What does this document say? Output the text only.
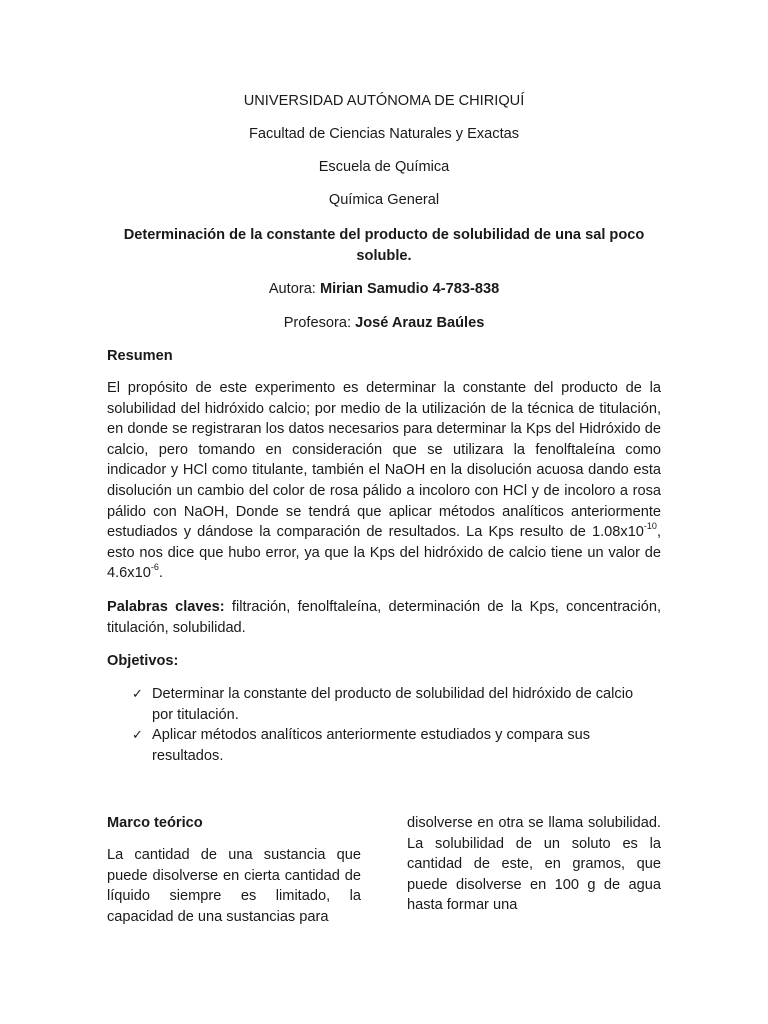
UNIVERSIDAD AUTÓNOMA DE CHIRIQUÍ
Facultad de Ciencias Naturales y Exactas
Escuela de Química
Química General
Determinación de la constante del producto de solubilidad de una sal poco soluble.
Autora: Mirian Samudio 4-783-838
Profesora: José Arauz Baúles
Resumen
El propósito de este experimento es determinar la constante del producto de la solubilidad del hidróxido calcio; por medio de la utilización de la técnica de titulación, en donde se registraran los datos necesarios para determinar la Kps del Hidróxido de calcio, pero tomando en consideración que se utilizara la fenolftaleína como indicador y HCl como titulante, también el NaOH en la disolución acuosa dando esta disolución un cambio del color de rosa pálido a incoloro con HCl y de incoloro a rosa pálido con NaOH, Donde se tendrá que aplicar métodos analíticos anteriormente estudiados y dándose la comparación de resultados. La Kps resulto de $1.08x10^{-10}$, esto nos dice que hubo error, ya que la Kps del hidróxido de calcio tiene un valor de $4.6x10^{-6}$.
Palabras claves: filtración, fenolftaleína, determinación de la Kps, concentración, titulación, solubilidad.
Objetivos:
✓ Determinar la constante del producto de solubilidad del hidróxido de calcio por titulación.
✓ Aplicar métodos analíticos anteriormente estudiados y compara sus resultados.
Marco teórico
La cantidad de una sustancia que puede disolverse en cierta cantidad de líquido siempre es limitado, la capacidad de una sustancias para
disolverse en otra se llama solubilidad. La solubilidad de un soluto es la cantidad de este, en gramos, que puede disolverse en 100 g de agua hasta formar una
